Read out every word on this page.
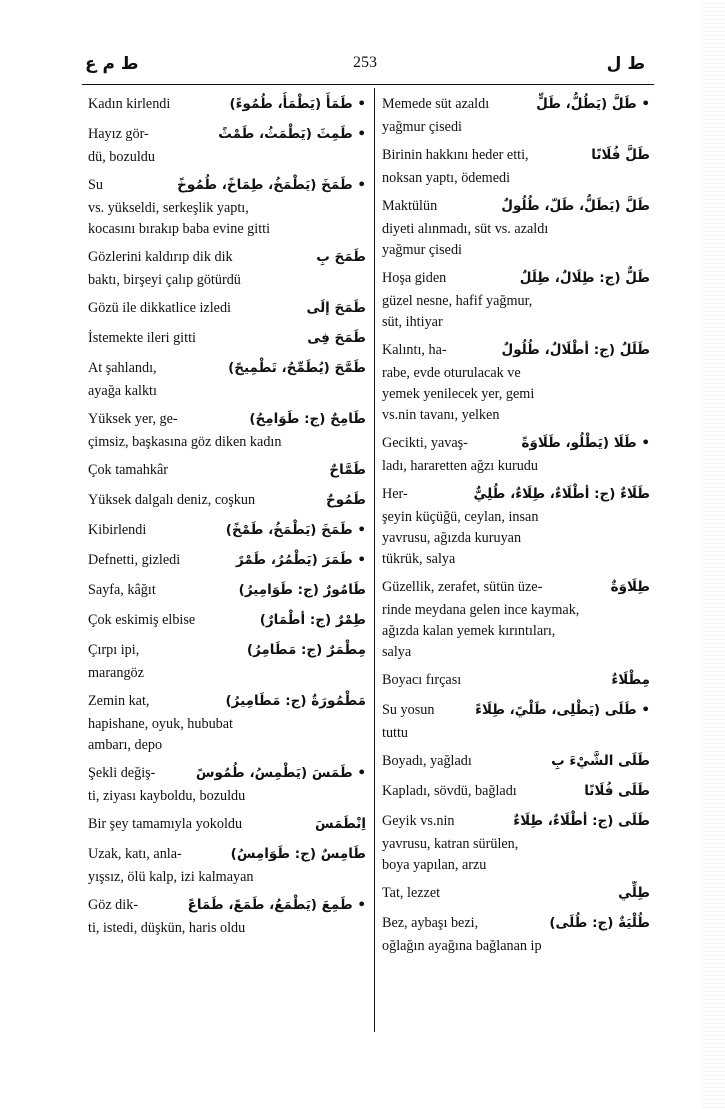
ط م ع	253	ط ل
Kadın kirlendi	• طَمَأَ (يَطْمَأُ، طُمُوءً)
Hayız gör-	• طَمِثَ (يَطْمَثُ، طَمْثً
dü, bozuldu
Su	• طَمَخَ (يَطْمَخُ، طِمَاخً، طُمُوخً
vs. yükseldi, serkeşlik yaptı,
kocasını bırakıp baba evine gitti
Gözlerini kaldırıp dik dik	طَمَحَ بِ
baktı, birşeyi çalıp götürdü
Gözü ile dikkatlice izledi	طَمَحَ إلَى
İstemekte ileri gitti	طَمَحَ فِى
At şahlandı,	طَمَّحَ (يُطَمِّحُ، تَطْمِيحً)
ayağa kalktı
Yüksek yer, ge-	طَامِحٌ (ج: طَوَامِحُ)
çimsiz, başkasına göz diken kadın
Çok tamahkâr	طَمَّاحٌ
Yüksek dalgalı deniz, coşkun	طَمُوحٌ
Kibirlendi	• طَمَخَ (يَطْمَخُ، طَمْخً)
Defnetti, gizledi	• طَمَرَ (يَطْمُرُ، طَمْرً
Sayfa, kâğıt	طَامُورٌ (ج: طَوَامِيرُ)
Çok eskimiş elbise	طِمْرٌ (ج: أطْمَارٌ)
Çırpı ipi,	مِطْمَرٌ (ج: مَطَامِرُ)
marangöz
Zemin kat,	مَطْمُورَةٌ (ج: مَطَامِيرُ)
hapishane, oyuk, hububat
ambarı, depo
Şekli değiş-	• طَمَسَ (يَطْمِسُ، طُمُوسً
ti, ziyası kayboldu, bozuldu
Bir şey tamamıyla yokoldu	اِنْطَمَسَ
Uzak, katı, anla-	طَامِسٌ (ج: طَوَامِسُ)
yışsız, ölü kalp, izi kalmayan
Göz dik-	• طَمِعَ (يَطْمَعُ، طَمَعً، طَمَاعً
ti, istedi, düşkün, haris oldu
Memede süt azaldı	• طَلَّ (يَطُلُّ، طَلٍّ
yağmur çisedi
Birinin hakkını heder etti,	طَلَّ فُلَانًا
noksan yaptı, ödemedi
Maktülün	طَلَّ (يَطَلُّ، طَلّ، طُلُولٌ
diyeti alınmadı, süt vs. azaldı
yağmur çisedi
Hoşa giden	طَلٌّ (ج: طِلَالٌ، طِلَلٌ
güzel nesne, hafif yağmur,
süt, ihtiyar
Kalıntı, ha-	طَلَلٌ (ج: أطْلَالٌ، طُلُولٌ
rabe, evde oturulacak ve
yemek yenilecek yer, gemi
vs.nin tavanı, yelken
Gecikti, yavaş-	• طَلَا (يَطْلُو، طَلَاوَةً
ladı, hararetten ağzı kurudu
Her-	طَلَاءٌ (ج: أطْلَاءٌ، طِلَاءٌ، طُلِيٌّ
şeyin küçüğü, ceylan, insan
yavrusu, ağızda kuruyan
tükrük, salya
Güzellik, zerafet, sütün üze-	طِلَاوَةٌ
rinde meydana gelen ince kaymak,
ağızda kalan yemek kırıntıları,
salya
Boyacı fırçası	مِطْلَاءٌ
Su yosun	• طَلَى (يَطْلِى، طَلْيً، طِلَاءً
tuttu
Boyadı, yağladı	طَلَى الشَّيْءَ بِ
Kapladı, sövdü, bağladı	طَلَى فُلَانًا
Geyik vs.nin	طَلَى (ج: أطْلَاءٌ، طِلَاءٌ
yavrusu, katran sürülen,
boya yapılan, arzu
Tat, lezzet	طِلِّي
Bez, aybaşı bezi,	طُلْيَةٌ (ج: طُلَى)
oğlağın ayağına bağlanan ip
